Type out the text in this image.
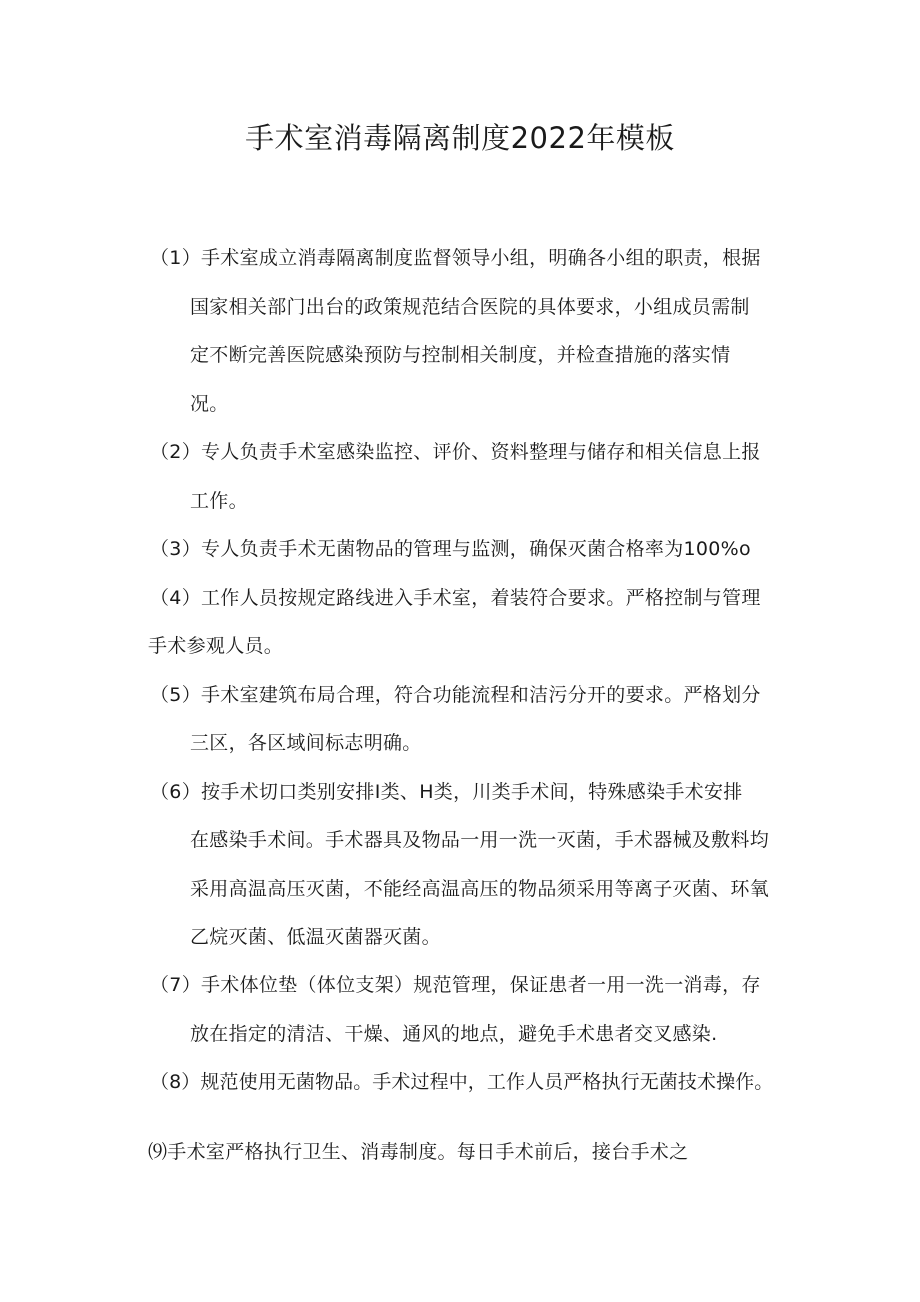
手术室消毒隔离制度2022年模板
（1）手术室成立消毒隔离制度监督领导小组，明确各小组的职责，根据
国家相关部门出台的政策规范结合医院的具体要求，小组成员需制
定不断完善医院感染预防与控制相关制度，并检查措施的落实情
况。
（2）专人负责手术室感染监控、评价、资料整理与储存和相关信息上报
工作。
（3）专人负责手术无菌物品的管理与监测，确保灭菌合格率为100%o
（4）工作人员按规定路线进入手术室，着装符合要求。严格控制与管理
手术参观人员。
（5）手术室建筑布局合理，符合功能流程和洁污分开的要求。严格划分
三区，各区域间标志明确。
（6）按手术切口类别安排I类、H类，川类手术间，特殊感染手术安排
在感染手术间。手术器具及物品一用一洗一灭菌，手术器械及敷料均
采用高温高压灭菌，不能经高温高压的物品须采用等离子灭菌、环氧
乙烷灭菌、低温灭菌器灭菌。
（7）手术体位垫（体位支架）规范管理，保证患者一用一洗一消毒，存
放在指定的清洁、干燥、通风的地点，避免手术患者交叉感染.
（8）规范使用无菌物品。手术过程中，工作人员严格执行无菌技术操作。
⑼手术室严格执行卫生、消毒制度。每日手术前后，接台手术之
